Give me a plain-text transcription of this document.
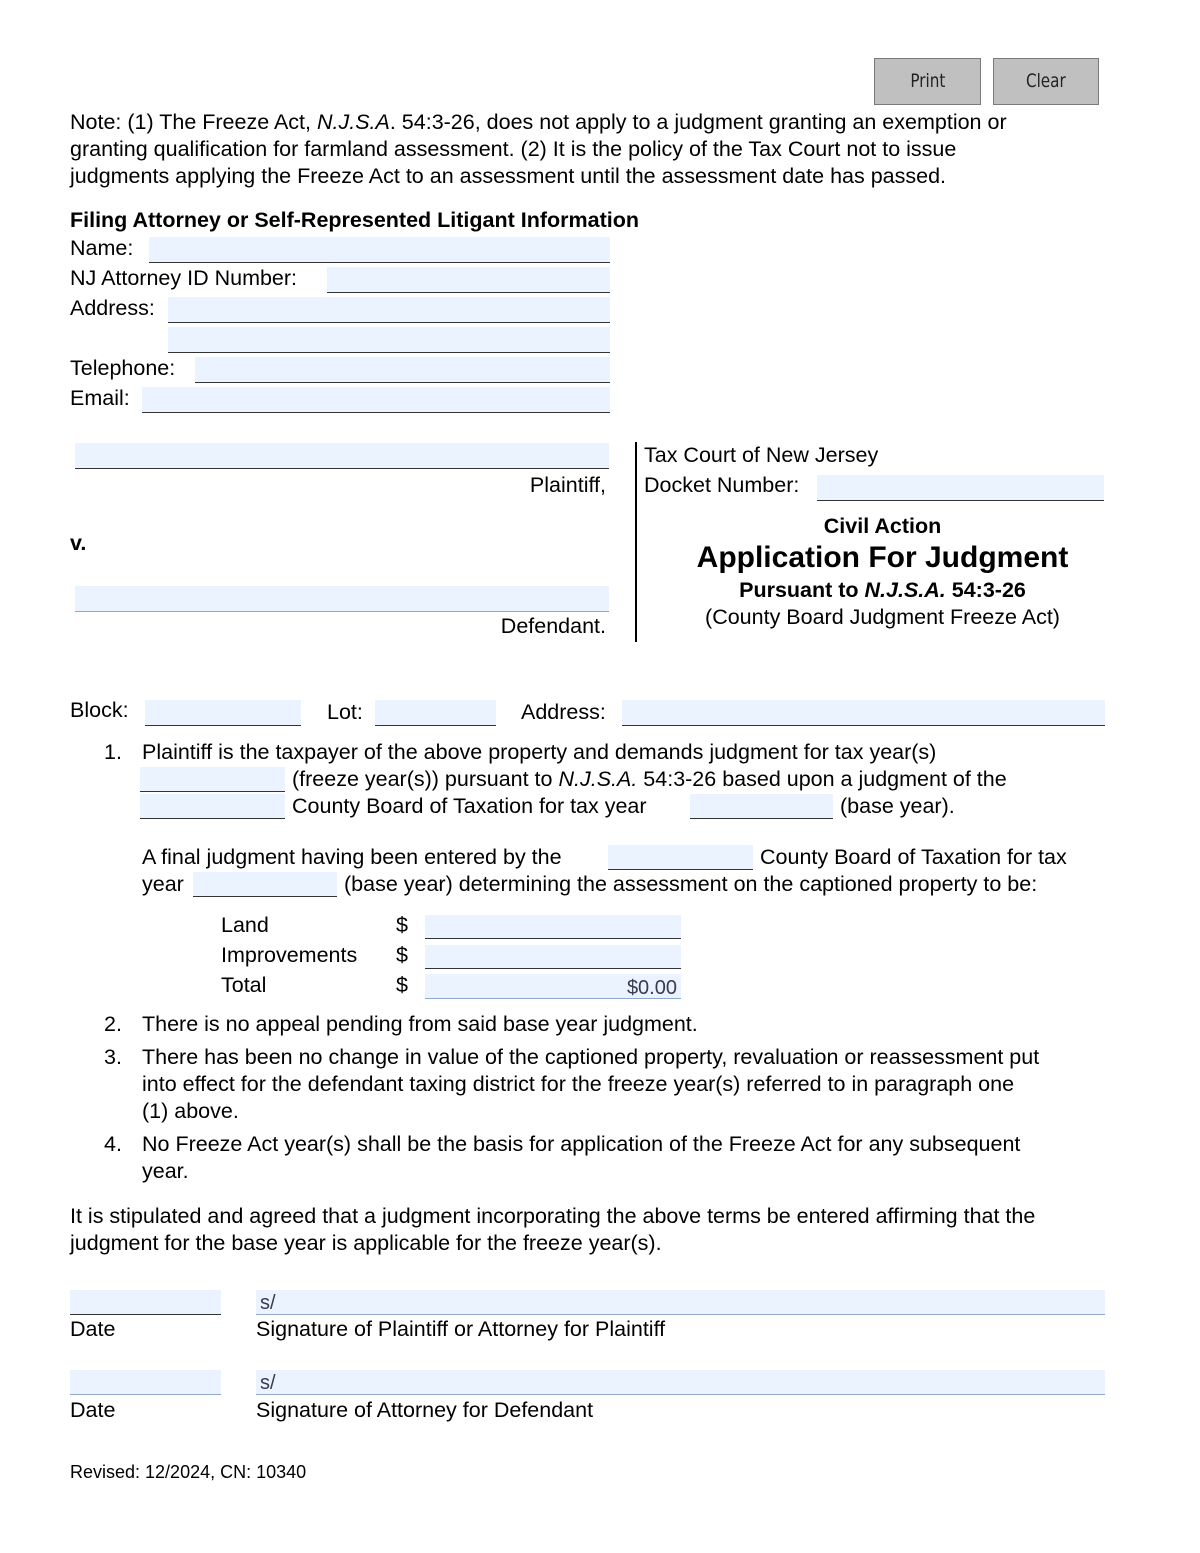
Print	Clear
Note: (1) The Freeze Act, N.J.S.A. 54:3-26, does not apply to a judgment granting an exemption or
granting qualification for farmland assessment. (2) It is the policy of the Tax Court not to issue
judgments applying the Freeze Act to an assessment until the assessment date has passed.
Filing Attorney or Self-Represented Litigant Information
Name:
NJ Attorney ID Number:
Address:
Telephone:
Email:
Plaintiff,
v.
Defendant.
Tax Court of New Jersey
Docket Number:
Civil Action
Application For Judgment
Pursuant to N.J.S.A. 54:3-26
(County Board Judgment Freeze Act)
Block:	Lot:	Address:
1. Plaintiff is the taxpayer of the above property and demands judgment for tax year(s)
(freeze year(s)) pursuant to N.J.S.A. 54:3-26 based upon a judgment of the
County Board of Taxation for tax year	(base year).
A final judgment having been entered by the	County Board of Taxation for tax
year	(base year) determining the assessment on the captioned property to be:
Land	$
Improvements $
Total	$	$0.00
2. There is no appeal pending from said base year judgment.
3. There has been no change in value of the captioned property, revaluation or reassessment put
into effect for the defendant taxing district for the freeze year(s) referred to in paragraph one
(1) above.
4. No Freeze Act year(s) shall be the basis for application of the Freeze Act for any subsequent
year.
It is stipulated and agreed that a judgment incorporating the above terms be entered affirming that the
judgment for the base year is applicable for the freeze year(s).
s/
Date	Signature of Plaintiff or Attorney for Plaintiff
s/
Date	Signature of Attorney for Defendant
Revised: 12/2024, CN: 10340
